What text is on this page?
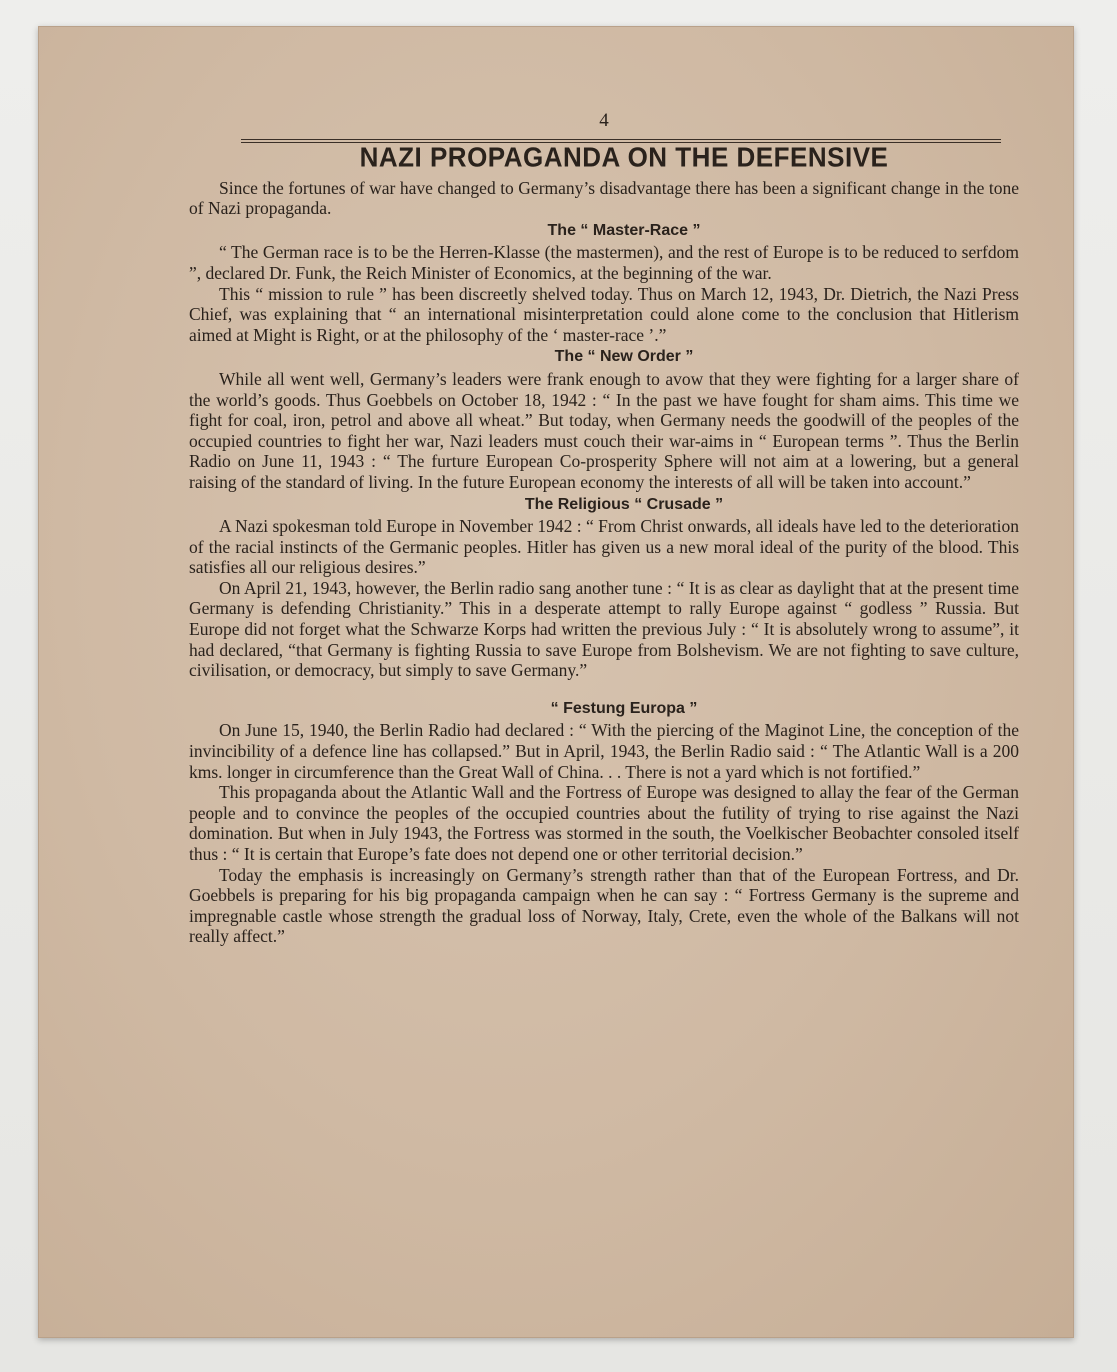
4
NAZI PROPAGANDA ON THE DEFENSIVE

Since the fortunes of war have changed to Germany’s disadvantage there has been a significant change in the tone of Nazi propaganda.

The “ Master-Race ”

“ The German race is to be the Herren-Klasse (the mastermen), and the rest of Europe is to be reduced to serfdom ”, declared Dr. Funk, the Reich Minister of Economics, at the beginning of the war.

This “ mission to rule ” has been discreetly shelved today. Thus on March 12, 1943, Dr. Dietrich, the Nazi Press Chief, was explaining that “ an international misinterpretation could alone come to the conclusion that Hitlerism aimed at Might is Right, or at the philosophy of the ‘ master-race ’.”

The “ New Order ”

While all went well, Germany’s leaders were frank enough to avow that they were fighting for a larger share of the world’s goods. Thus Goebbels on October 18, 1942 : “ In the past we have fought for sham aims. This time we fight for coal, iron, petrol and above all wheat.” But today, when Germany needs the goodwill of the peoples of the occupied countries to fight her war, Nazi leaders must couch their war-aims in “ European terms ”. Thus the Berlin Radio on June 11, 1943 : “ The furture European Co-prosperity Sphere will not aim at a lowering, but a general raising of the standard of living. In the future European economy the interests of all will be taken into account.”

The Religious “ Crusade ”

A Nazi spokesman told Europe in November 1942 : “ From Christ onwards, all ideals have led to the deterioration of the racial instincts of the Germanic peoples. Hitler has given us a new moral ideal of the purity of the blood. This satisfies all our religious desires.”

On April 21, 1943, however, the Berlin radio sang another tune : “ It is as clear as daylight that at the present time Germany is defending Christianity.” This in a desperate attempt to rally Europe against “ godless ” Russia. But Europe did not forget what the Schwarze Korps had written the previous July : “ It is absolutely wrong to assume”, it had declared, “that Germany is fighting Russia to save Europe from Bolshevism. We are not fighting to save culture, civilisation, or democracy, but simply to save Germany.”

“ Festung Europa ”

On June 15, 1940, the Berlin Radio had declared : “ With the piercing of the Maginot Line, the conception of the invincibility of a defence line has collapsed.” But in April, 1943, the Berlin Radio said : “ The Atlantic Wall is a 200 kms. longer in circumference than the Great Wall of China. . . There is not a yard which is not fortified.”

This propaganda about the Atlantic Wall and the Fortress of Europe was designed to allay the fear of the German people and to convince the peoples of the occupied countries about the futility of trying to rise against the Nazi domination. But when in July 1943, the Fortress was stormed in the south, the Voelkischer Beobachter consoled itself thus : “ It is certain that Europe’s fate does not depend one or other territorial decision.”

Today the emphasis is increasingly on Germany’s strength rather than that of the European Fortress, and Dr. Goebbels is preparing for his big propaganda campaign when he can say : “ Fortress Germany is the supreme and impregnable castle whose strength the gradual loss of Norway, Italy, Crete, even the whole of the Balkans will not really affect.”
